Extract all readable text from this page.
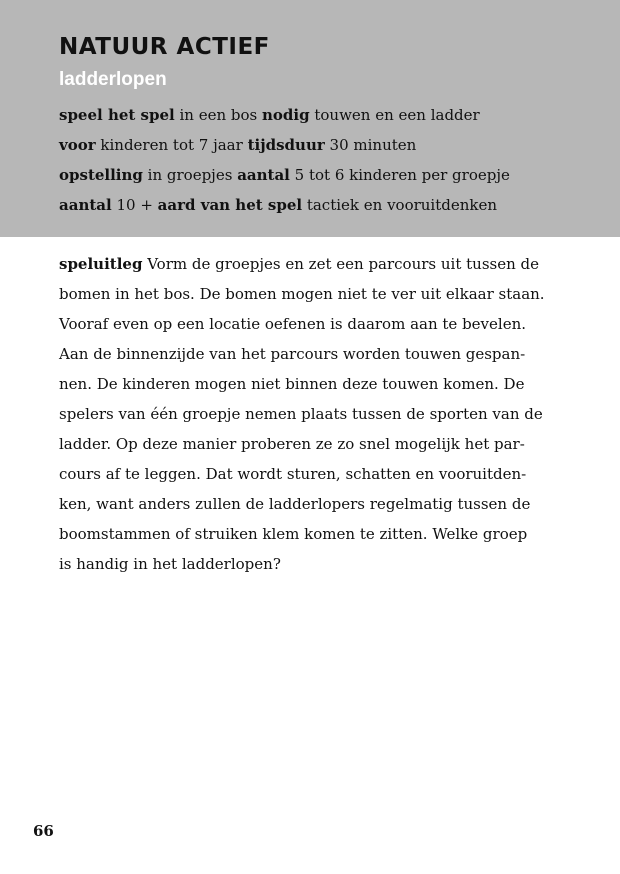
NATUUR ACTIEF
ladderlopen
speel het spel in een bos nodig touwen en een ladder
voor kinderen tot 7 jaar tijdsduur 30 minuten
opstelling in groepjes aantal 5 tot 6 kinderen per groepje
aantal 10 + aard van het spel tactiek en vooruitdenken
speluitleg Vorm de groepjes en zet een parcours uit tussen de
bomen in het bos. De bomen mogen niet te ver uit elkaar staan.
Vooraf even op een locatie oefenen is daarom aan te bevelen.
Aan de binnenzijde van het parcours worden touwen gespan-
nen. De kinderen mogen niet binnen deze touwen komen. De
spelers van één groepje nemen plaats tussen de sporten van de
ladder. Op deze manier proberen ze zo snel mogelijk het par-
cours af te leggen. Dat wordt sturen, schatten en vooruitden-
ken, want anders zullen de ladderlopers regelmatig tussen de
boomstammen of struiken klem komen te zitten. Welke groep
is handig in het ladderlopen?
66
